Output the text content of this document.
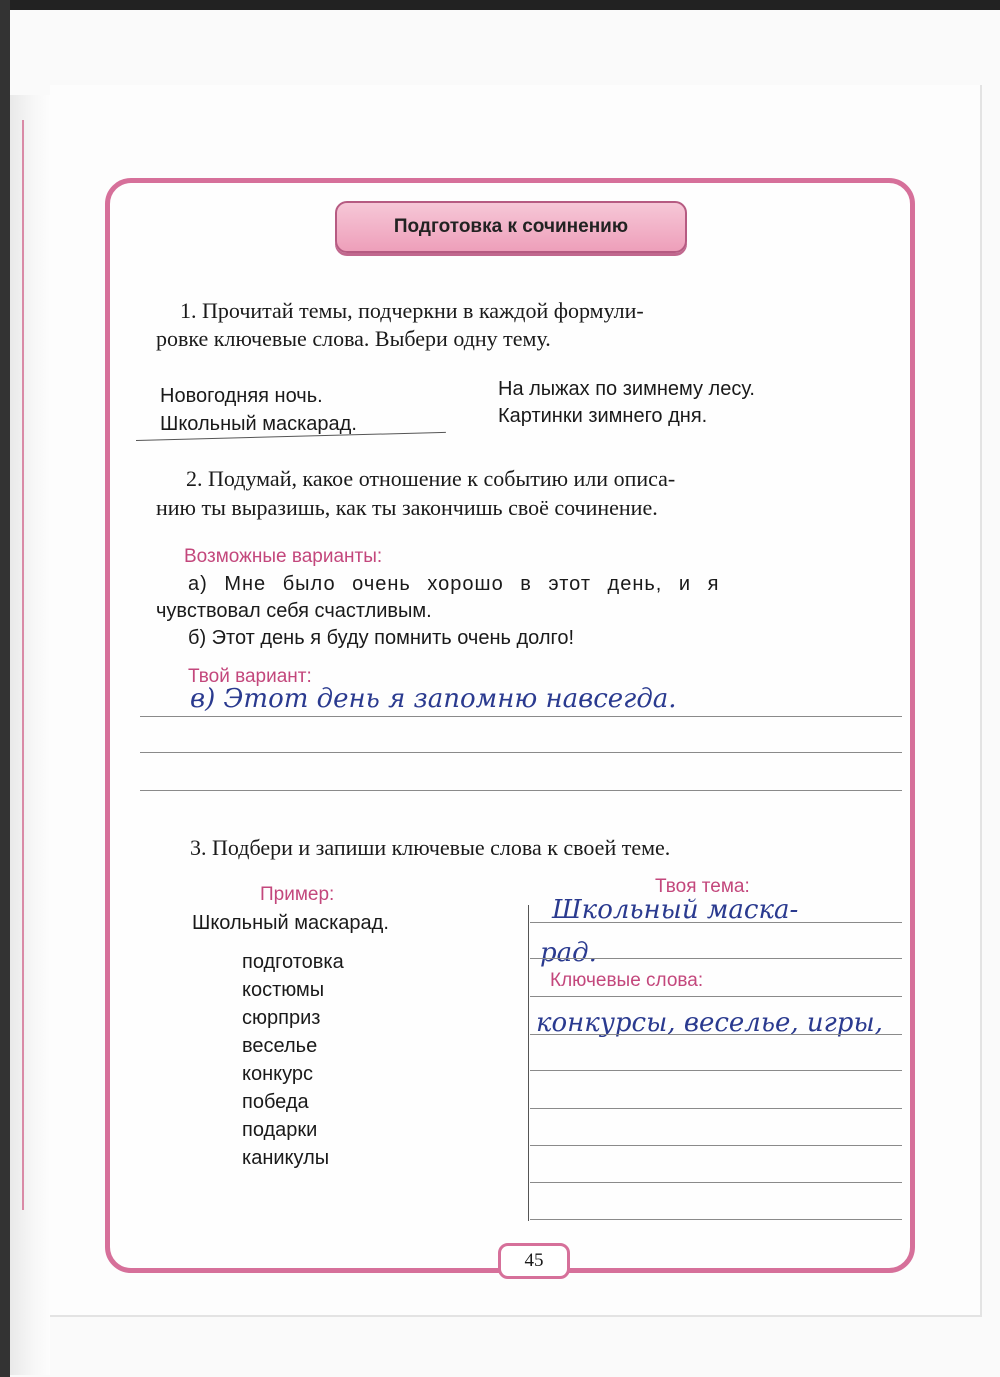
Подготовка к сочинению

1. Прочитай темы, подчеркни в каждой формули-

ровке ключевые слова. Выбери одну тему.

Новогодняя ночь.

Школьный маскарад.

На лыжах по зимнему лесу.

Картинки зимнего дня.

2. Подумай, какое отношение к событию или описа-

нию ты выразишь, как ты закончишь своё сочинение.

Возможные варианты:

а) Мне было очень хорошо в этот день, и я

чувствовал себя счастливым.

б) Этот день я буду помнить очень долго!

Твой вариант:

в) Этот день я запомню навсегда.

3. Подбери и запиши ключевые слова к своей теме.

Пример:

Школьный маскарад.

подготовка

костюмы

сюрприз

веселье

конкурс

победа

подарки

каникулы

Твоя тема:

Школьный маска-

рад.

Ключевые слова:

конкурсы, веселье, игры,

45
